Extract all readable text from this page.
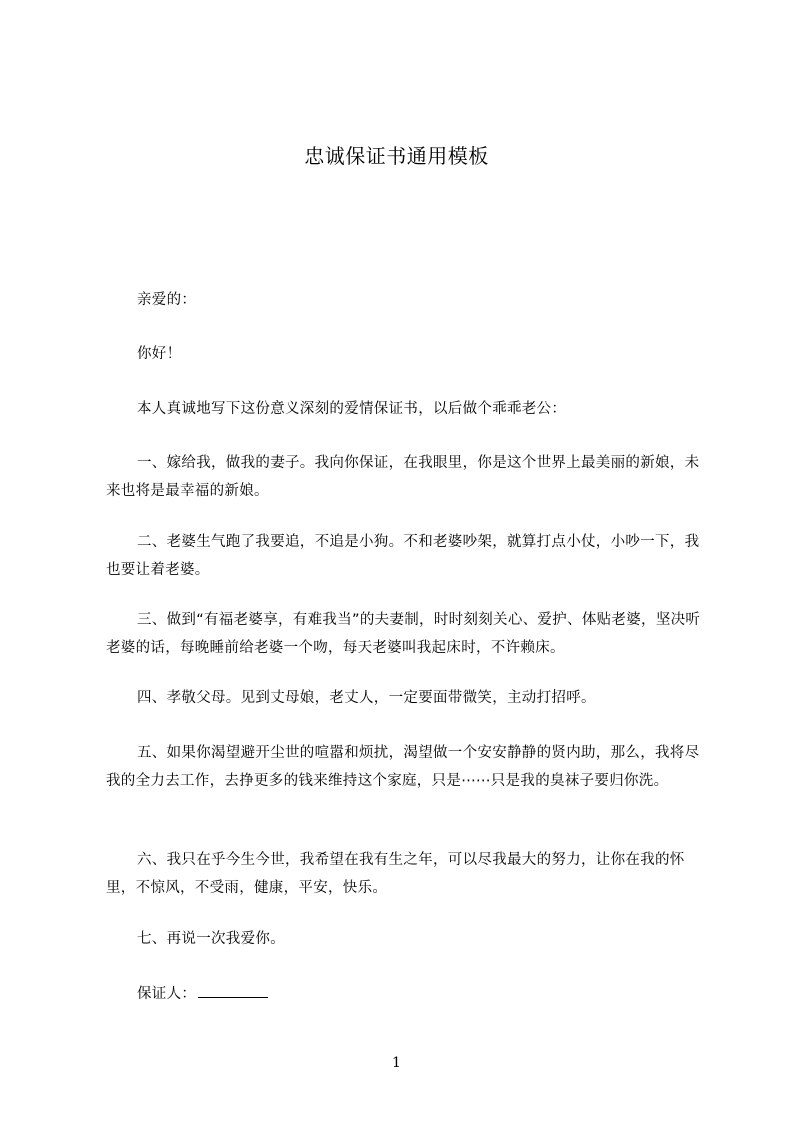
忠诚保证书通用模板

亲爱的：

你好！

本人真诚地写下这份意义深刻的爱情保证书，以后做个乖乖老公：

一、嫁给我，做我的妻子。我向你保证，在我眼里，你是这个世界上最美丽的新娘，未来也将是最幸福的新娘。

二、老婆生气跑了我要追，不追是小狗。不和老婆吵架，就算打点小仗，小吵一下，我也要让着老婆。

三、做到“有福老婆享，有难我当”的夫妻制，时时刻刻关心、爱护、体贴老婆，坚决听老婆的话，每晚睡前给老婆一个吻，每天老婆叫我起床时，不许赖床。

四、孝敬父母。见到丈母娘，老丈人，一定要面带微笑，主动打招呼。

五、如果你渴望避开尘世的喧嚣和烦扰，渴望做一个安安静静的贤内助，那么，我将尽我的全力去工作，去挣更多的钱来维持这个家庭，只是⋯⋯只是我的臭袜子要归你洗。

六、我只在乎今生今世，我希望在我有生之年，可以尽我最大的努力，让你在我的怀里，不惊风，不受雨，健康，平安，快乐。

七、再说一次我爱你。

保证人：

1
